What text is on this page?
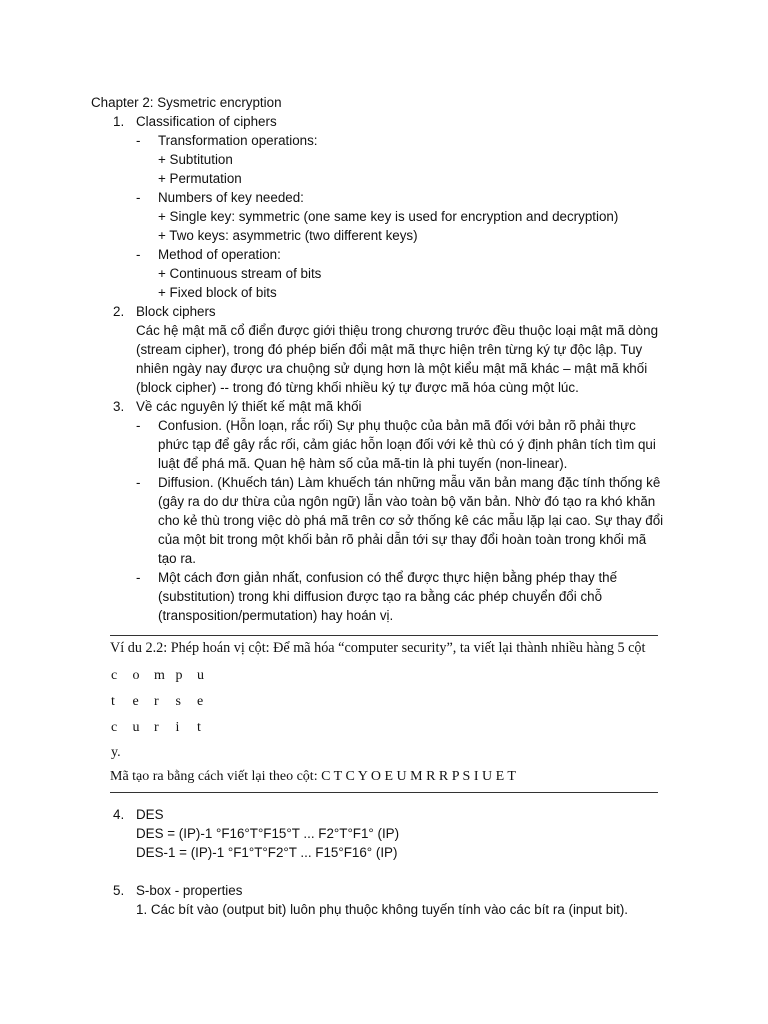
Chapter 2: Sysmetric encryption
1. Classification of ciphers
- Transformation operations:
+ Subtitution
+ Permutation
- Numbers of key needed:
+ Single key: symmetric (one same key is used for encryption and decryption)
+ Two keys: asymmetric (two different keys)
- Method of operation:
+ Continuous stream of bits
+ Fixed block of bits
2. Block ciphers
Các hệ mật mã cổ điển được giới thiệu trong chương trước đều thuộc loại mật mã dòng
(stream cipher), trong đó phép biến đổi mật mã thực hiện trên từng ký tự độc lập. Tuy
nhiên ngày nay được ưa chuộng sử dụng hơn là một kiểu mật mã khác – mật mã khối
(block cipher) -- trong đó từng khối nhiều ký tự được mã hóa cùng một lúc.
3. Về các nguyên lý thiết kế mật mã khối
- Confusion. (Hỗn loạn, rắc rối) Sự phụ thuộc của bản mã đối với bản rõ phải thực
phức tạp để gây rắc rối, cảm giác hỗn loạn đối với kẻ thù có ý định phân tích tìm qui
luật để phá mã. Quan hệ hàm số của mã-tin là phi tuyến (non-linear).
- Diffusion. (Khuếch tán) Làm khuếch tán những mẫu văn bản mang đặc tính thống kê
(gây ra do dư thừa của ngôn ngữ) lẫn vào toàn bộ văn bản. Nhờ đó tạo ra khó khăn
cho kẻ thù trong việc dò phá mã trên cơ sở thống kê các mẫu lặp lại cao. Sự thay đổi
của một bit trong một khối bản rõ phải dẫn tới sự thay đổi hoàn toàn trong khối mã
tạo ra.
- Một cách đơn giản nhất, confusion có thể được thực hiện bằng phép thay thế
(substitution) trong khi diffusion được tạo ra bằng các phép chuyển đổi chỗ
(transposition/permutation) hay hoán vị.
Ví du 2.2: Phép hoán vị cột: Để mã hóa “computer security”, ta viết lại thành nhiều hàng 5 cột
c o m p u
t e r s e
c u r i t
y.
Mã tạo ra bằng cách viết lại theo cột: C T C Y O E U M R R P S I U E T
4. DES
DES = (IP)-1 °F16°T°F15°T ... F2°T°F1° (IP)
DES-1 = (IP)-1 °F1°T°F2°T ... F15°F16° (IP)
5. S-box - properties
1. Các bít vào (output bit) luôn phụ thuộc không tuyến tính vào các bít ra (input bit).
